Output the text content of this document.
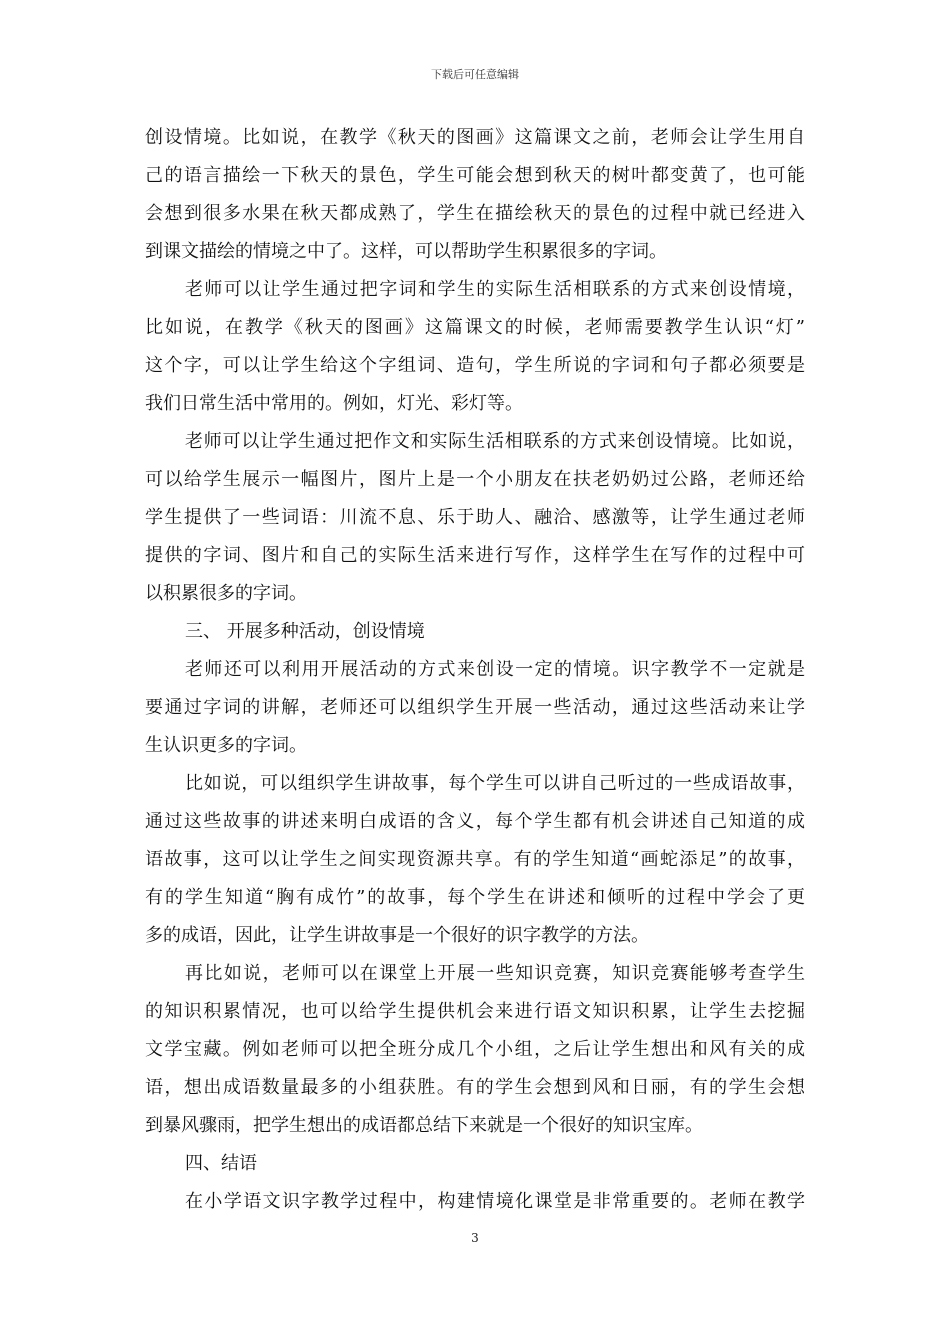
下载后可任意编辑
创设情境。比如说，在教学《秋天的图画》这篇课文之前，老师会让学生用自
己的语言描绘一下秋天的景色，学生可能会想到秋天的树叶都变黄了，也可能
会想到很多水果在秋天都成熟了，学生在描绘秋天的景色的过程中就已经进入
到课文描绘的情境之中了。这样，可以帮助学生积累很多的字词。
老师可以让学生通过把字词和学生的实际生活相联系的方式来创设情境，
比如说，在教学《秋天的图画》这篇课文的时候，老师需要教学生认识“灯”
这个字，可以让学生给这个字组词、造句，学生所说的字词和句子都必须要是
我们日常生活中常用的。例如，灯光、彩灯等。
老师可以让学生通过把作文和实际生活相联系的方式来创设情境。比如说，
可以给学生展示一幅图片，图片上是一个小朋友在扶老奶奶过公路，老师还给
学生提供了一些词语：川流不息、乐于助人、融洽、感激等，让学生通过老师
提供的字词、图片和自己的实际生活来进行写作，这样学生在写作的过程中可
以积累很多的字词。
三、 开展多种活动，创设情境
老师还可以利用开展活动的方式来创设一定的情境。识字教学不一定就是
要通过字词的讲解，老师还可以组织学生开展一些活动，通过这些活动来让学
生认识更多的字词。
比如说，可以组织学生讲故事，每个学生可以讲自己听过的一些成语故事，
通过这些故事的讲述来明白成语的含义，每个学生都有机会讲述自己知道的成
语故事，这可以让学生之间实现资源共享。有的学生知道“画蛇添足”的故事，
有的学生知道“胸有成竹”的故事，每个学生在讲述和倾听的过程中学会了更
多的成语，因此，让学生讲故事是一个很好的识字教学的方法。
再比如说，老师可以在课堂上开展一些知识竞赛，知识竞赛能够考查学生
的知识积累情况，也可以给学生提供机会来进行语文知识积累，让学生去挖掘
文学宝藏。例如老师可以把全班分成几个小组，之后让学生想出和风有关的成
语，想出成语数量最多的小组获胜。有的学生会想到风和日丽，有的学生会想
到暴风骤雨，把学生想出的成语都总结下来就是一个很好的知识宝库。
四、结语
在小学语文识字教学过程中，构建情境化课堂是非常重要的。老师在教学
3
